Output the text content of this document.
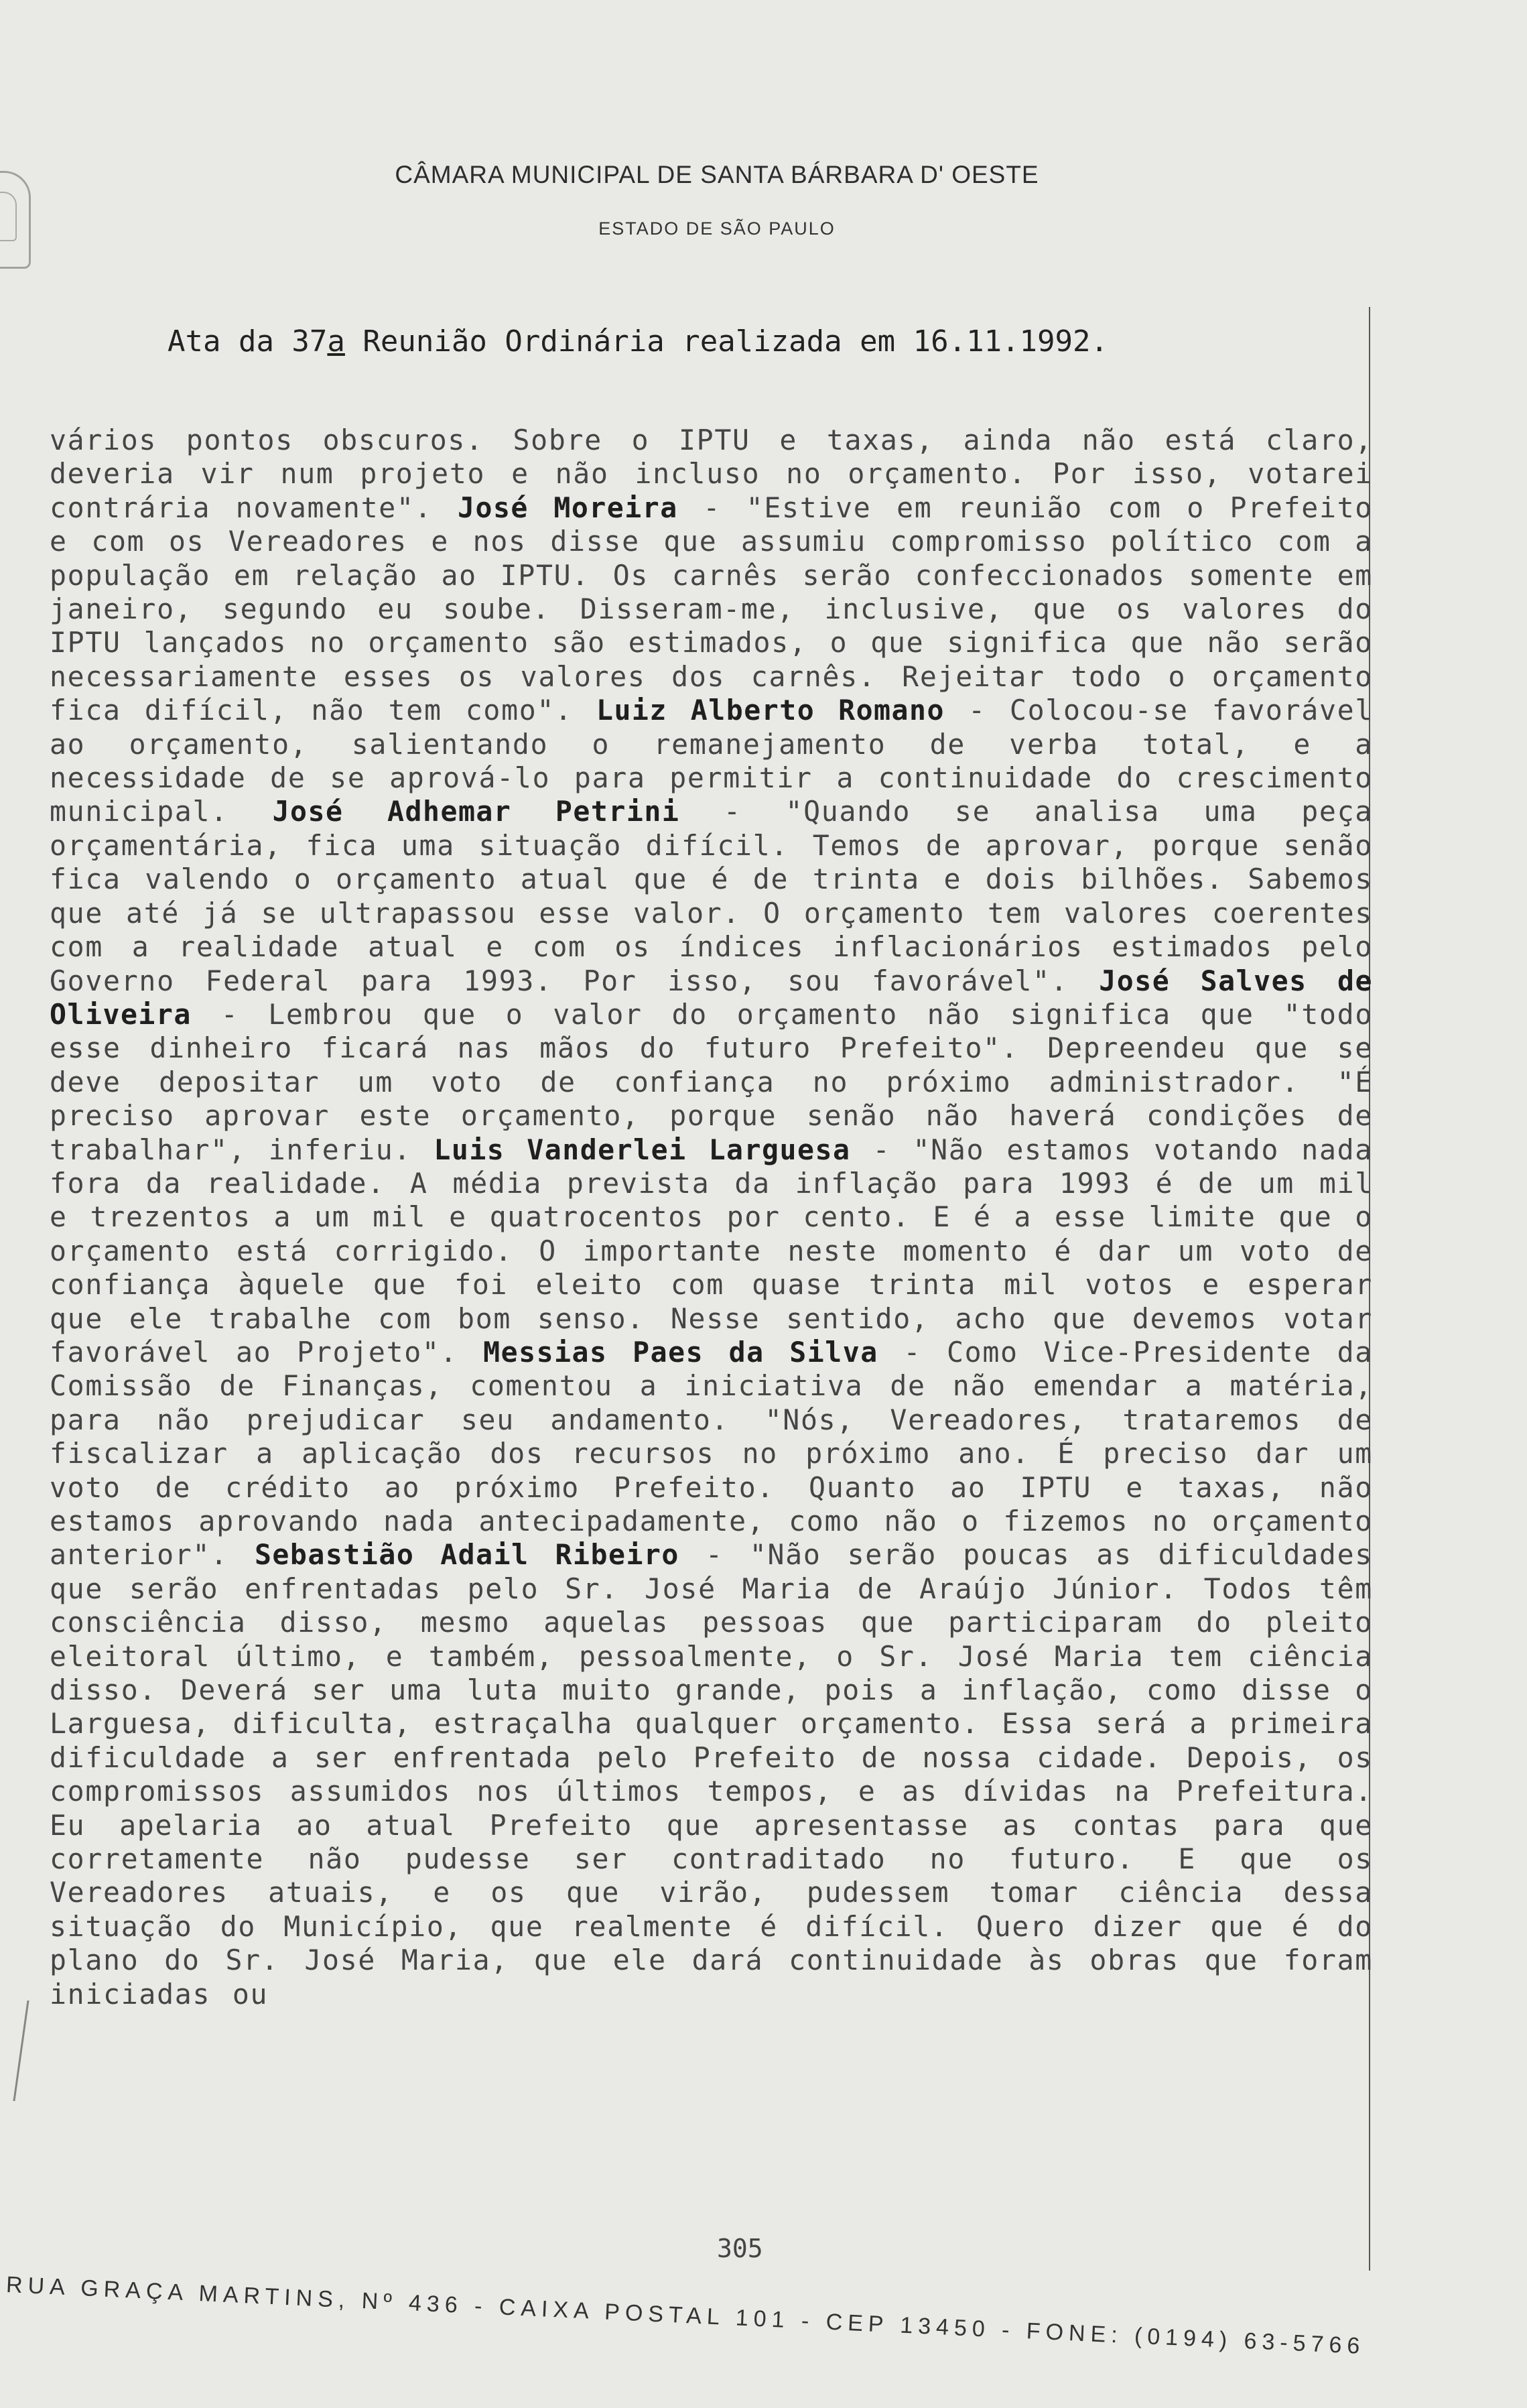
CÂMARA MUNICIPAL DE SANTA BÁRBARA D' OESTE
ESTADO DE SÃO PAULO
Ata da 37a Reunião Ordinária realizada em 16.11.1992.
vários pontos obscuros. Sobre o IPTU e taxas, ainda não está claro, deveria vir num projeto e não incluso no orçamento. Por isso, votarei contrária novamente". José Moreira - "Estive em reunião com o Prefeito e com os Vereadores e nos disse que assumiu compromisso político com a população em relação ao IPTU. Os carnês serão confeccionados somente em janeiro, segundo eu soube. Disseram-me, inclusive, que os valores do IPTU lançados no orçamento são estimados, o que significa que não serão necessariamente esses os valores dos carnês. Rejeitar todo o orçamento fica difícil, não tem como". Luiz Alberto Romano - Colocou-se favorável ao orçamento, salientando o remanejamento de verba total, e a necessidade de se aprová-lo para permitir a continuidade do crescimento municipal. José Adhemar Petrini - "Quando se analisa uma peça orçamentária, fica uma situação difícil. Temos de aprovar, porque senão fica valendo o orçamento atual que é de trinta e dois bilhões. Sabemos que até já se ultrapassou esse valor. O orçamento tem valores coerentes com a realidade atual e com os índices inflacionários estimados pelo Governo Federal para 1993. Por isso, sou favorável". José Salves de Oliveira - Lembrou que o valor do orçamento não significa que "todo esse dinheiro ficará nas mãos do futuro Prefeito". Depreendeu que se deve depositar um voto de confiança no próximo administrador. "É preciso aprovar este orçamento, porque senão não haverá condições de trabalhar", inferiu. Luis Vanderlei Larguesa - "Não estamos votando nada fora da realidade. A média prevista da inflação para 1993 é de um mil e trezentos a um mil e quatrocentos por cento. E é a esse limite que o orçamento está corrigido. O importante neste momento é dar um voto de confiança àquele que foi eleito com quase trinta mil votos e esperar que ele trabalhe com bom senso. Nesse sentido, acho que devemos votar favorável ao Projeto". Messias Paes da Silva - Como Vice-Presidente da Comissão de Finanças, comentou a iniciativa de não emendar a matéria, para não prejudicar seu andamento. "Nós, Vereadores, trataremos de fiscalizar a aplicação dos recursos no próximo ano. É preciso dar um voto de crédito ao próximo Prefeito. Quanto ao IPTU e taxas, não estamos aprovando nada antecipadamente, como não o fizemos no orçamento anterior". Sebastião Adail Ribeiro - "Não serão poucas as dificuldades que serão enfrentadas pelo Sr. José Maria de Araújo Júnior. Todos têm consciência disso, mesmo aquelas pessoas que participaram do pleito eleitoral último, e também, pessoalmente, o Sr. José Maria tem ciência disso. Deverá ser uma luta muito grande, pois a inflação, como disse o Larguesa, dificulta, estraçalha qualquer orçamento. Essa será a primeira dificuldade a ser enfrentada pelo Prefeito de nossa cidade. Depois, os compromissos assumidos nos últimos tempos, e as dívidas na Prefeitura. Eu apelaria ao atual Prefeito que apresentasse as contas para que corretamente não pudesse ser contraditado no futuro. E que os Vereadores atuais, e os que virão, pudessem tomar ciência dessa situação do Município, que realmente é difícil. Quero dizer que é do plano do Sr. José Maria, que ele dará continuidade às obras que foram iniciadas ou
305
RUA GRAÇA MARTINS, Nº 436 - CAIXA POSTAL 101 - CEP 13450 - FONE: (0194) 63-5766
